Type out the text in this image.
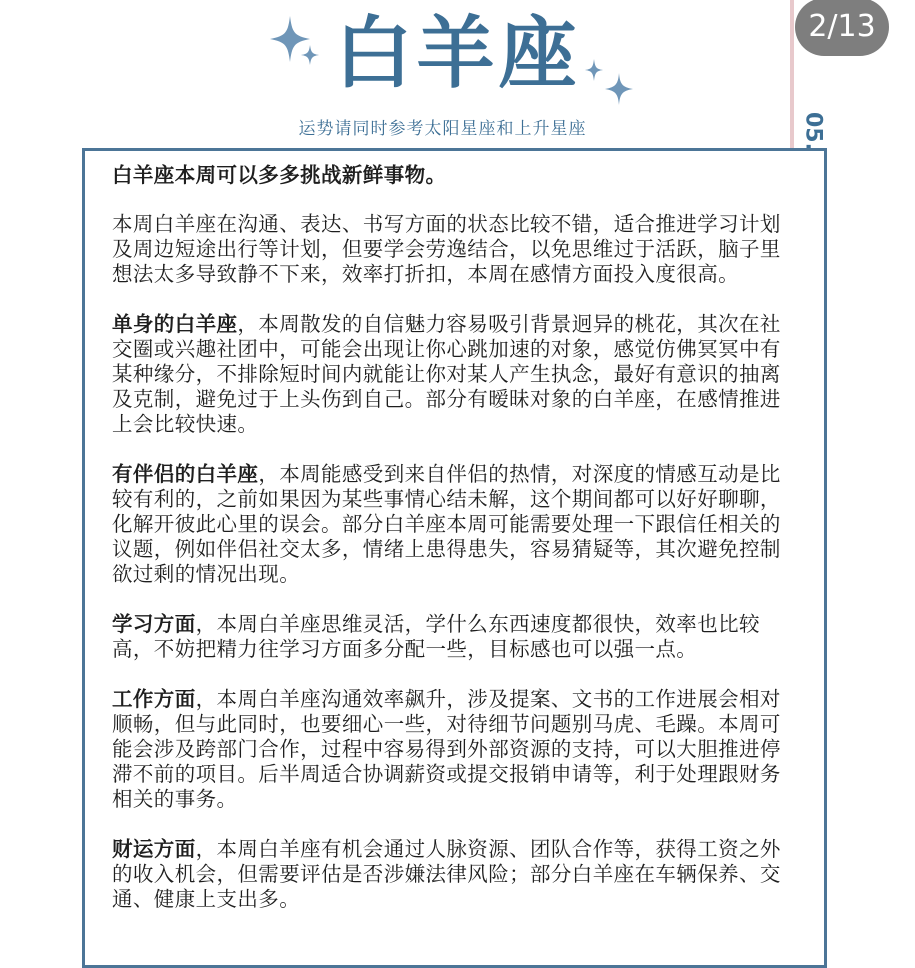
白羊座
运势请同时参考太阳星座和上升星座
2/13

白羊座本周可以多多挑战新鲜事物。

本周白羊座在沟通、表达、书写方面的状态比较不错，适合推进学习计划及周边短途出行等计划，但要学会劳逸结合，以免思维过于活跃，脑子里想法太多导致静不下来，效率打折扣，本周在感情方面投入度很高。

单身的白羊座，本周散发的自信魅力容易吸引背景迥异的桃花，其次在社交圈或兴趣社团中，可能会出现让你心跳加速的对象，感觉仿佛冥冥中有某种缘分，不排除短时间内就能让你对某人产生执念，最好有意识的抽离及克制，避免过于上头伤到自己。部分有暧昧对象的白羊座，在感情推进上会比较快速。

有伴侣的白羊座，本周能感受到来自伴侣的热情，对深度的情感互动是比较有利的，之前如果因为某些事情心结未解，这个期间都可以好好聊聊，化解开彼此心里的误会。部分白羊座本周可能需要处理一下跟信任相关的议题，例如伴侣社交太多，情绪上患得患失，容易猜疑等，其次避免控制欲过剩的情况出现。

学习方面，本周白羊座思维灵活，学什么东西速度都很快，效率也比较高，不妨把精力往学习方面多分配一些，目标感也可以强一点。

工作方面，本周白羊座沟通效率飙升，涉及提案、文书的工作进展会相对顺畅，但与此同时，也要细心一些，对待细节问题别马虎、毛躁。本周可能会涉及跨部门合作，过程中容易得到外部资源的支持，可以大胆推进停滞不前的项目。后半周适合协调薪资或提交报销申请等，利于处理跟财务相关的事务。

财运方面，本周白羊座有机会通过人脉资源、团队合作等，获得工资之外的收入机会，但需要评估是否涉嫌法律风险；部分白羊座在车辆保养、交通、健康上支出多。
